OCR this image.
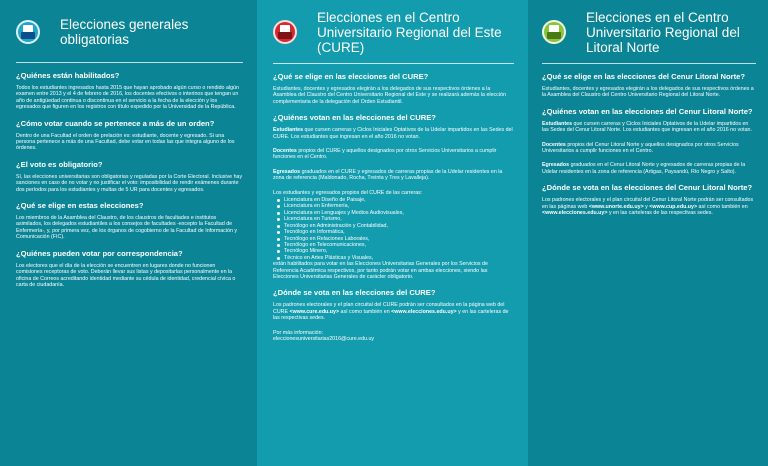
Elecciones generales obligatorias
¿Quiénes están habilitados?

Todos los estudiantes ingresados hasta 2015 que hayan aprobado algún curso o rendido algún examen entre 2013 y el 4 de febrero de 2016, los docentes efectivos o interinos que tengan un año de antigüedad continua o discontinua en el servicio a la fecha de la elección y los egresados que figuren en los registros con título expedido por la Universidad de la República.

¿Cómo votar cuando se pertenece a más de un orden?

Dentro de una Facultad el orden de prelación es: estudiante, docente y egresado. Si una persona pertenece a más de una Facultad, debe votar en todas las que integra alguno de los órdenes.

¿El voto es obligatorio?

Sí, las elecciones universitarias son obligatorias y reguladas por la Corte Electoral. Inclusive hay sanciones en caso de no votar y no justificar el voto: imposibilidad de rendir exámenes durante dos períodos para los estudiantes y multas de 5 UR para docentes y egresados.

¿Qué se elige en estas elecciones?

Los miembros de la Asamblea del Claustro, de los claustros de facultades e institutos asimilados, los delegados estudiantiles a los consejos de facultades -excepto la Facultad de Enfermería-, y, por primera vez, de los órganos de cogobierno de la Facultad de Información y Comunicación (FIC).

¿Quiénes pueden votar por correspondencia?

Los electores que el día de la elección se encuentren en lugares donde no funcionen comisiones receptoras de voto. Deberán llevar sus listas y depositarlas personalmente en la oficina de Correos acreditando identidad mediante su cédula de identidad, credencial cívica o carta de ciudadanía.

Elecciones en el Centro Universitario Regional del Este (CURE)
¿Qué se elige en las elecciones del CURE?

Estudiantes, docentes y egresados elegirán a los delegados de sus respectivos órdenes a la Asamblea del Claustro del Centro Universitario Regional del Este y se realizará además la elección complementaria de la delegación del Orden Estudiantil.

¿Quiénes votan en las elecciones del CURE?

Estudiantes que cursen carreras y Ciclos Iniciales Optativos de la Udelar impartidos en las Sedes del CURE. Los estudiantes que ingresan en el año 2016 no votan.

Docentes propios del CURE y aquellos designados por otros Servicios Universitarios a cumplir funciones en el Centro.

Egresados graduados en el CURE y egresados de carreras propias de la Udelar residentes en la zona de referencia (Maldonado, Rocha, Treinta y Tres y Lavalleja).

Los estudiantes y egresados propios del CURE de las carreras:

Licenciatura en Diseño de Paisaje,
Licenciatura en Enfermería,
Licenciatura en Lenguajes y Medios Audiovisuales,
Licenciatura en Turismo,
Tecnólogo en Administración y Contabilidad,
Tecnólogo en Informática,
Tecnólogo en Relaciones Laborales,
Tecnólogo en Telecomunicaciones,
Tecnólogo Minero,
Técnico en Artes Plásticas y Visuales,

están habilitados para votar en las Elecciones Universitarias Generales por los Servicios de Referencia Académica respectivos, por tanto podrán votar en ambas elecciones, siendo las Elecciones Universitarias Generales de carácter obligatorio.

¿Dónde se vota en las elecciones del CURE?

Los padrones electorales y el plan circuital del CURE podrán ser consultados en la página web del CURE <www.cure.edu.uy> así como también en <www.elecciones.edu.uy> y en las carteleras de las respectivas sedes.

Por más información:

eleccionesuniversitarias2016@cure.edu.uy

Elecciones en el Centro Universitario Regional del Litoral Norte
¿Qué se elige en las elecciones del Cenur Litoral Norte?

Estudiantes, docentes y egresados elegirán a los delegados de sus respectivos órdenes a la Asamblea del Claustro del Centro Universitario Regional del Litoral Norte.

¿Quiénes votan en las elecciones del Cenur Litoral Norte?

Estudiantes que cursen carreras y Ciclos Iniciales Optativos de la Udelar impartidos en las Sedes del Cenur Litoral Norte. Los estudiantes que ingresan en el año 2016 no votan.

Docentes propios del Cenur Litoral Norte y aquellos designados por otros Servicios Universitarios a cumplir funciones en el Centro.

Egresados graduados en el Cenur Litoral Norte y egresados de carreras propias de la Udelar residentes en la zona de referencia (Artigas, Paysandú, Río Negro y Salto).

¿Dónde se vota en las elecciones del Cenur Litoral Norte?

Los padrones electorales y el plan circuital del Cenur Litoral Norte podrán ser consultados en las páginas web <www.unorte.edu.uy> y <www.cup.edu.uy> así como también en <www.elecciones.edu.uy> y en las carteleras de las respectivas sedes.
